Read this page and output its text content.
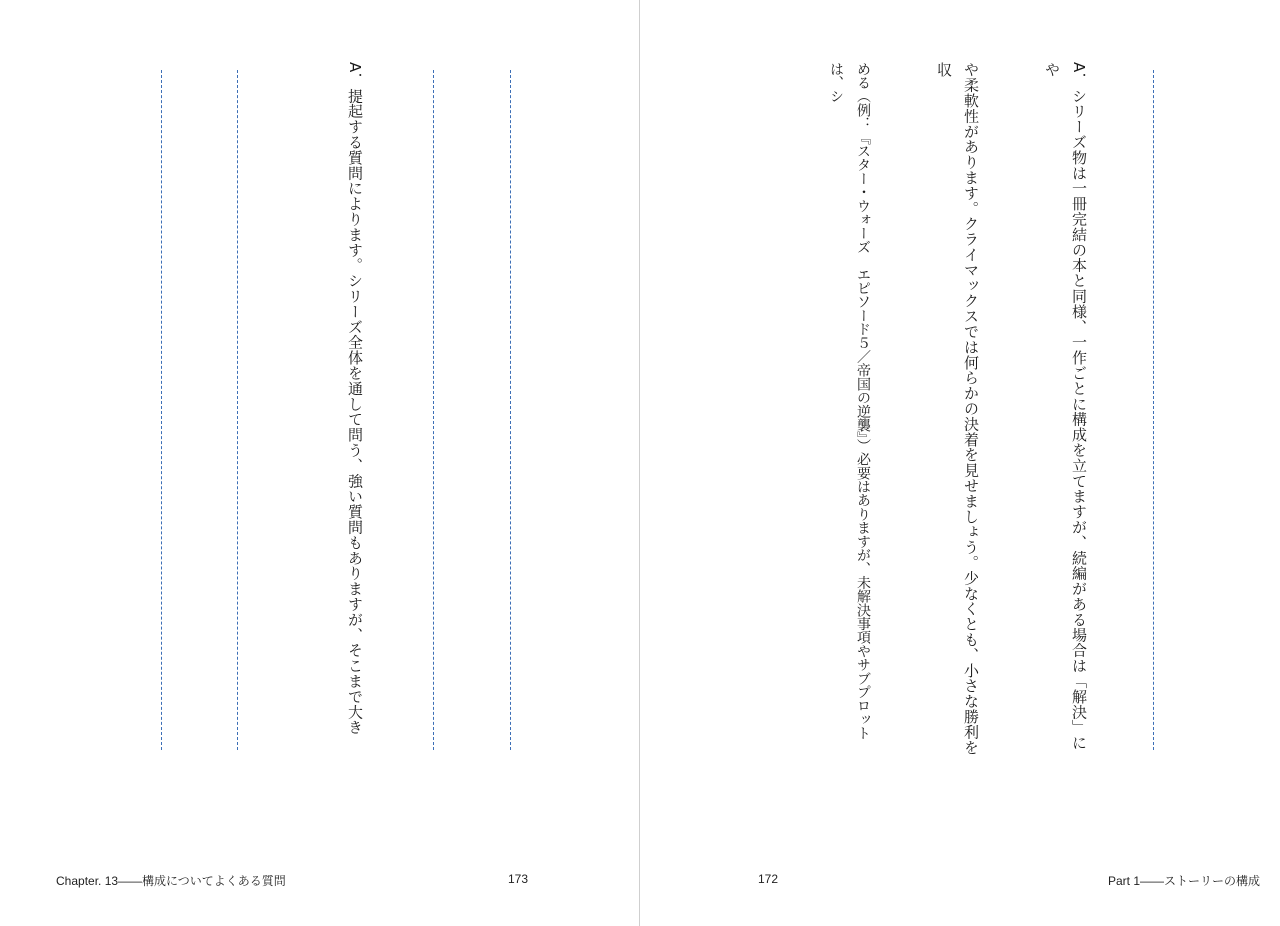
A．シリーズ物は一冊完結の本と同様、一作ごとに構成を立てますが、続編がある場合は「解決」にや

や柔軟性があります。クライマックスでは何らかの決着を見せましょう。少なくとも、小さな勝利を収

める（例：『スター・ウォーズ　エピソード５／帝国の逆襲』）必要はありますが、未解決事項やサブプロットは、シ

172	Part 1――ストーリーの構成

A．提起する質問によります。シリーズ全体を通して問う、強い質問もありますが、そこまで大き

Chapter. 13――構成についてよくある質問	173
